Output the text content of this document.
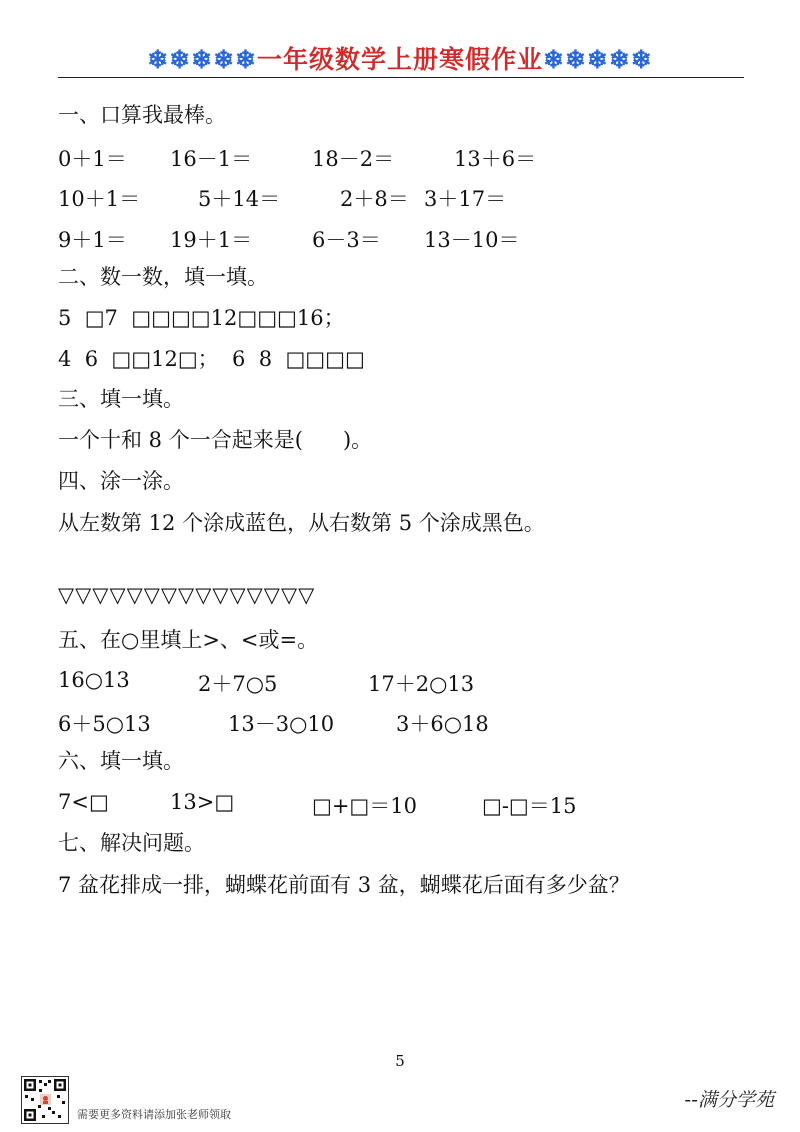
❄❄❄❄❄一年级数学上册寒假作业❄❄❄❄❄
一、口算我最棒。
0＋1＝ 16－1＝	18－2＝	13＋6＝
10＋1＝	5＋14＝	2＋8＝ 3＋17＝
9＋1＝ 19＋1＝	6－3＝ 13－10＝
二、数一数，填一填。
5  □7  □□□□12□□□16；
4  6  □□12□；  6  8  □□□□
三、填一填。
一个十和 8 个一合起来是(      )。
四、涂一涂。
从左数第 12 个涂成蓝色，从右数第 5 个涂成黑色。
▽▽▽▽▽▽▽▽▽▽▽▽▽▽▽
五、在○里填上>、<或=。
16○13	2＋7○5	17＋2○13
6＋5○13	13－3○10	3＋6○18
六、填一填。
7<□	13>□	□+□＝10	□-□＝15
七、解决问题。
7 盆花排成一排，蝴蝶花前面有 3 盆，蝴蝶花后面有多少盆？
5
需要更多资料请添加张老师领取
--满分学苑
